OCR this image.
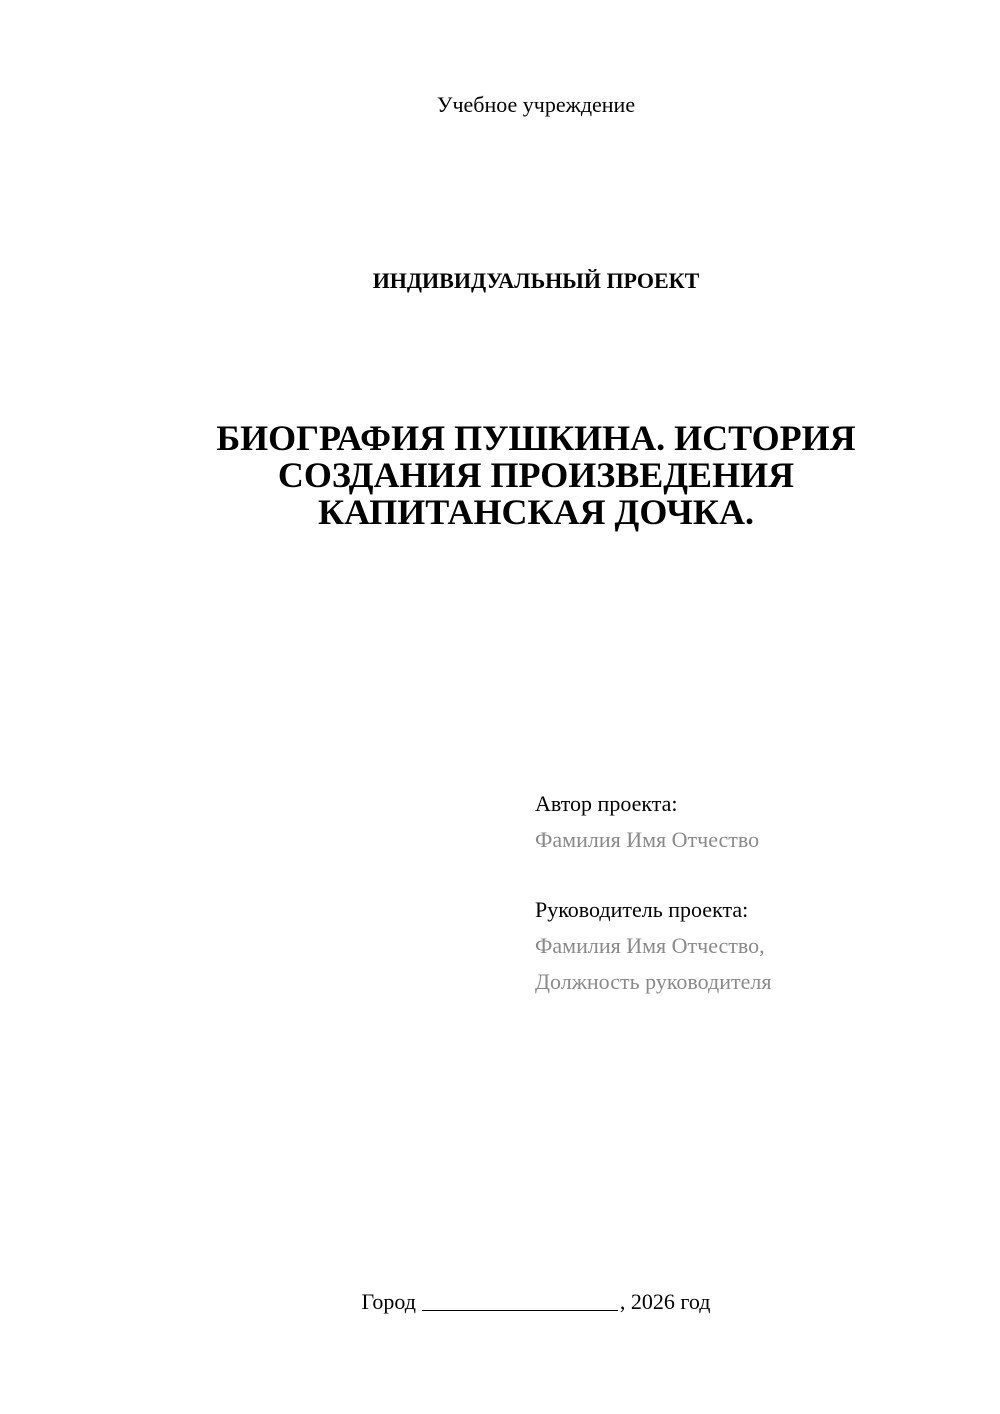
Учебное учреждение
ИНДИВИДУАЛЬНЫЙ ПРОЕКТ
БИОГРАФИЯ ПУШКИНА. ИСТОРИЯ
СОЗДАНИЯ ПРОИЗВЕДЕНИЯ
КАПИТАНСКАЯ ДОЧКА.
Автор проекта:
Фамилия Имя Отчество
Руководитель проекта:
Фамилия Имя Отчество,
Должность руководителя
Город	, 2026 год
